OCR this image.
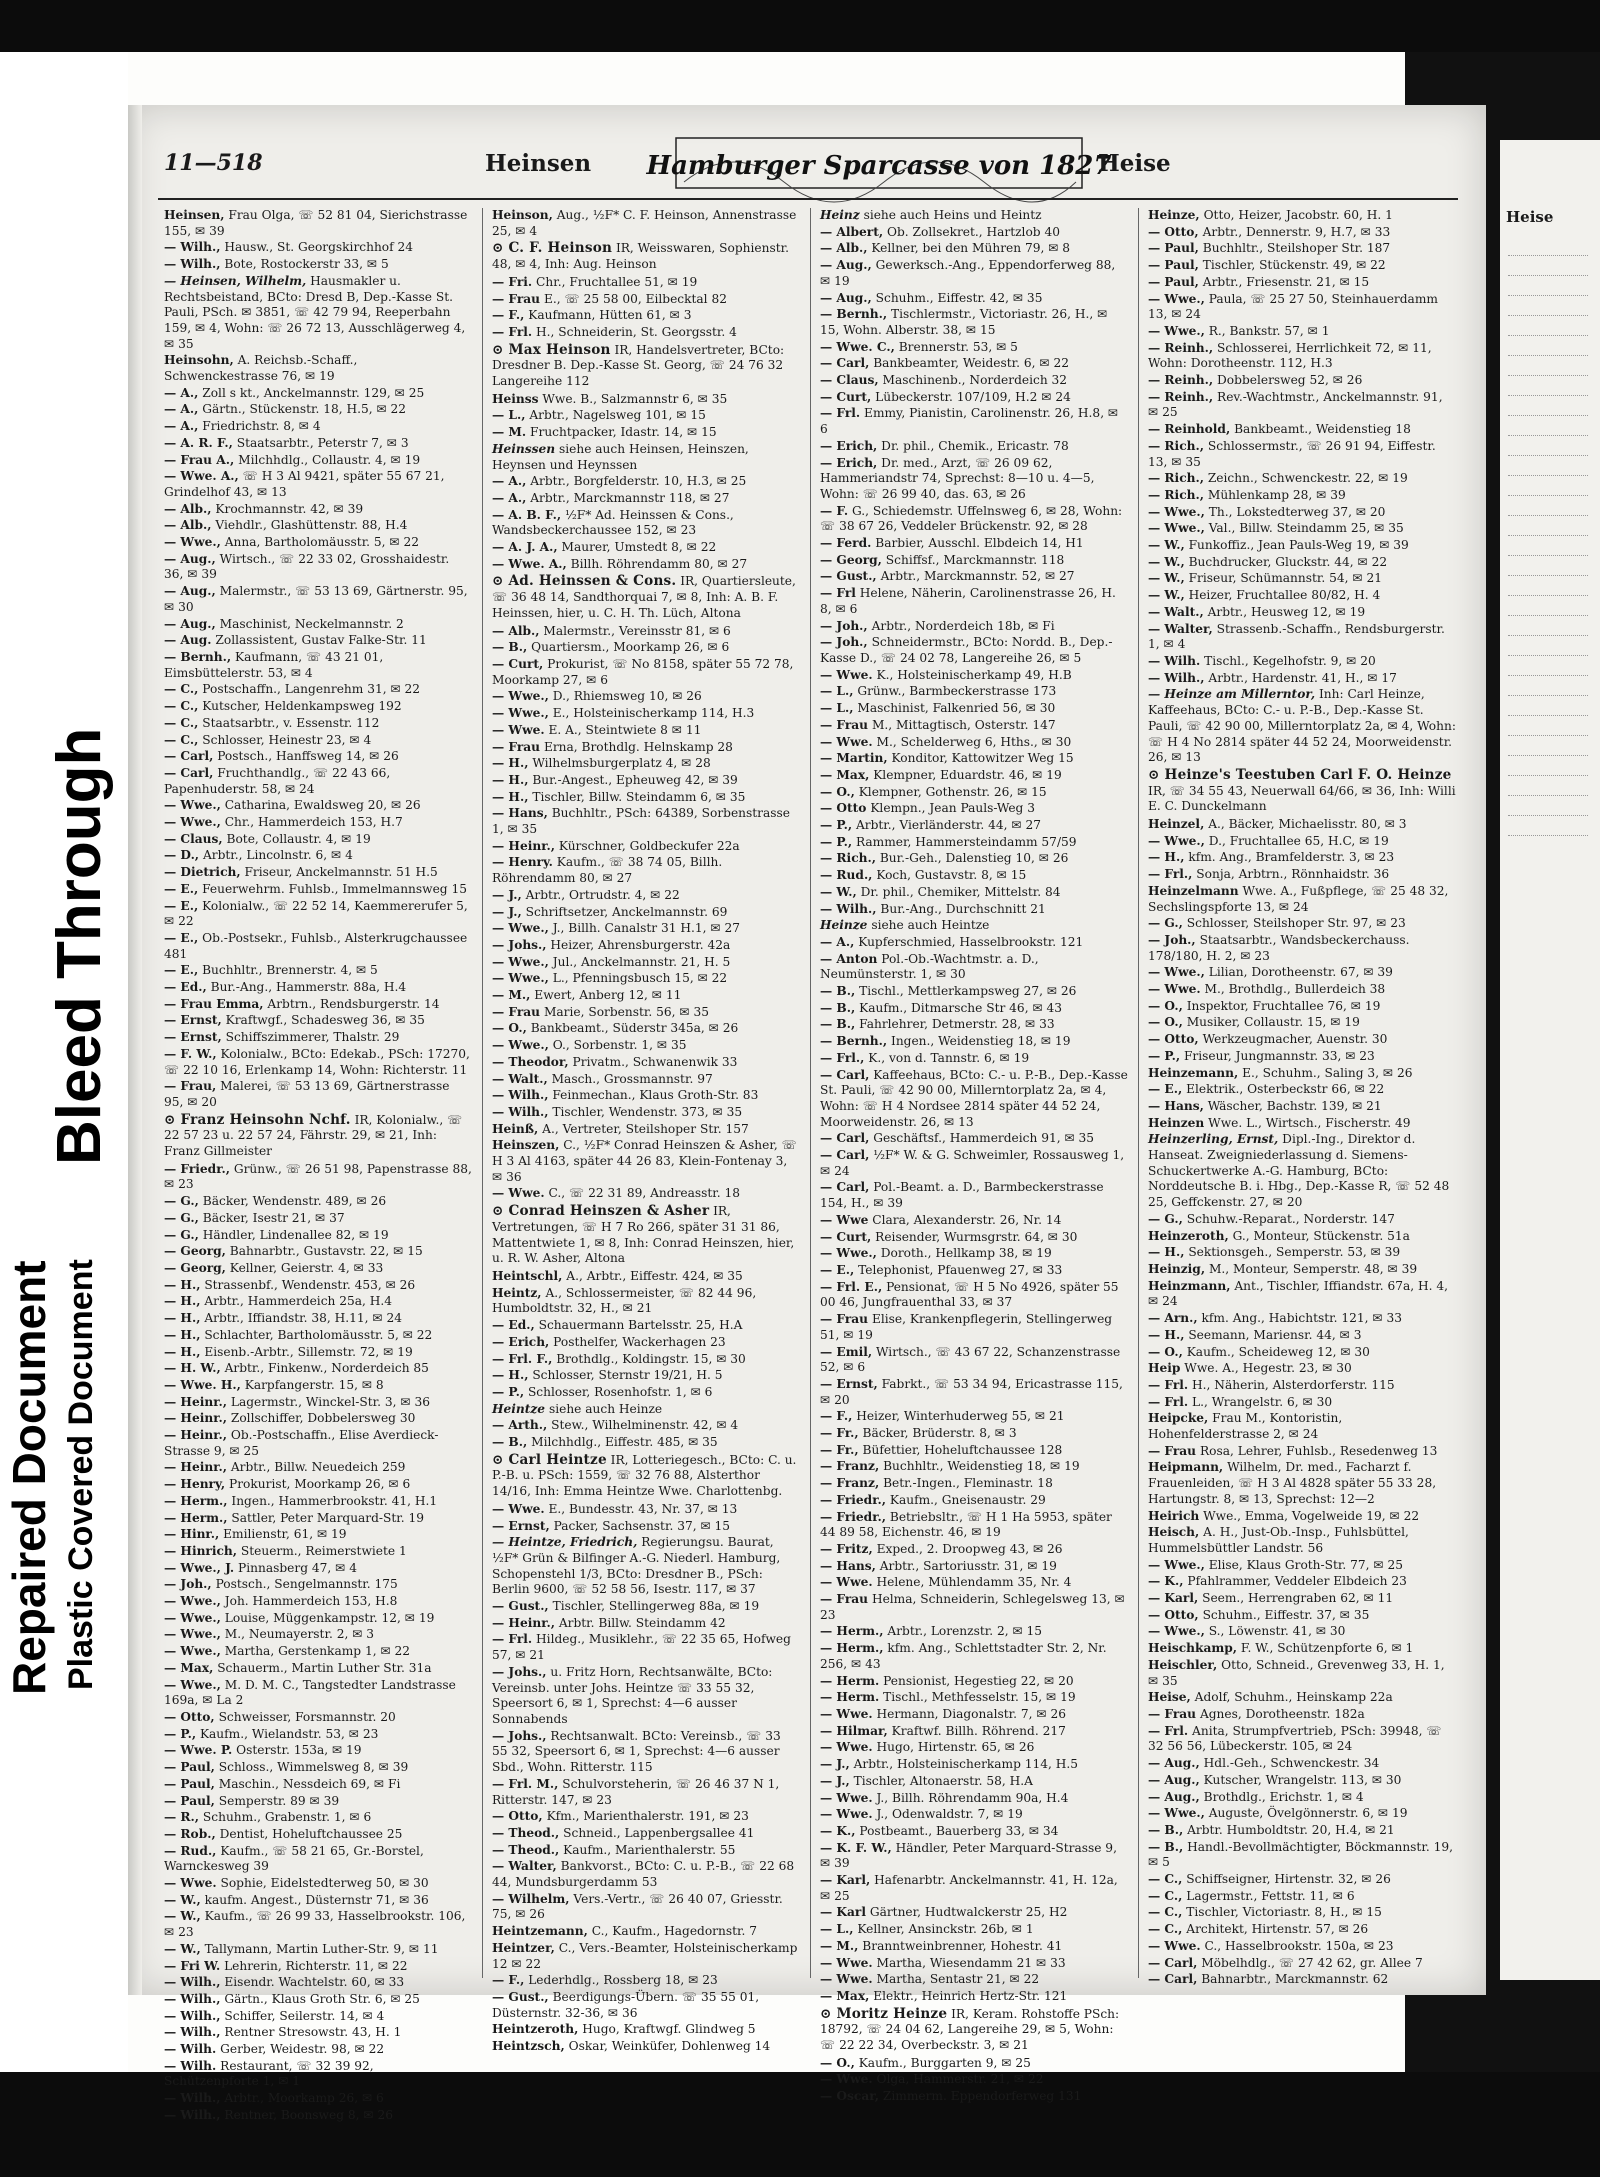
Heise
Repaired Document Plastic Covered Document
Bleed Through
11—518	Heinsen Hamburger Sparcasse von 1827
Heise
Heinsen, Frau Olga, ☏ 52 81 04, Sierichstrasse 155, ✉ 39
— Wilh., Hausw., St. Georgskirchhof 24
— Wilh., Bote, Rostockerstr 33, ✉ 5
— Heinsen, Wilhelm, Hausmakler u. Rechtsbeistand, BCto: Dresd B, Dep.-Kasse St. Pauli, PSch. ✉ 3851, ☏ 42 79 94, Reeperbahn 159, ✉ 4, Wohn: ☏ 26 72 13, Ausschlägerweg 4, ✉ 35
Heinsohn, A. Reichsb.-Schaff., Schwenckestrasse 76, ✉ 19
— A., Zoll s kt., Anckelmannstr. 129, ✉ 25
— A., Gärtn., Stückenstr. 18, H.5, ✉ 22
— A., Friedrichstr. 8, ✉ 4
— A. R. F., Staatsarbtr., Peterstr 7, ✉ 3
— Frau A., Milchhdlg., Collaustr. 4, ✉ 19
— Wwe. A., ☏ H 3 Al 9421, später 55 67 21, Grindelhof 43, ✉ 13
— Alb., Krochmannstr. 42, ✉ 39
— Alb., Viehdlr., Glashüttenstr. 88, H.4
— Wwe., Anna, Bartholomäusstr. 5, ✉ 22
— Aug., Wirtsch., ☏ 22 33 02, Grosshaidestr. 36, ✉ 39
— Aug., Malermstr., ☏ 53 13 69, Gärtnerstr. 95, ✉ 30
— Aug., Maschinist, Neckelmannstr. 2
— Aug. Zollassistent, Gustav Falke-Str. 11
— Bernh., Kaufmann, ☏ 43 21 01, Eimsbüttelerstr. 53, ✉ 4
— C., Postschaffn., Langenrehm 31, ✉ 22
— C., Kutscher, Heldenkampsweg 192
— C., Staatsarbtr., v. Essenstr. 112
— C., Schlosser, Heinestr 23, ✉ 4
— Carl, Postsch., Hanffsweg 14, ✉ 26
— Carl, Fruchthandlg., ☏ 22 43 66, Papenhuderstr. 58, ✉ 24
— Wwe., Catharina, Ewaldsweg 20, ✉ 26
— Wwe., Chr., Hammerdeich 153, H.7
— Claus, Bote, Collaustr. 4, ✉ 19
— D., Arbtr., Lincolnstr. 6, ✉ 4
— Dietrich, Friseur, Anckelmannstr. 51 H.5
— E., Feuerwehrm. Fuhlsb., Immelmannsweg 15
— E., Kolonialw., ☏ 22 52 14, Kaemmererufer 5, ✉ 22
— E., Ob.-Postsekr., Fuhlsb., Alsterkrugchaussee 481
— E., Buchhltr., Brennerstr. 4, ✉ 5
— Ed., Bur.-Ang., Hammerstr. 88a, H.4
— Frau Emma, Arbtrn., Rendsburgerstr. 14
— Ernst, Kraftwgf., Schadesweg 36, ✉ 35
— Ernst, Schiffszimmerer, Thalstr. 29
— F. W., Kolonialw., BCto: Edekab., PSch: 17270, ☏ 22 10 16, Erlenkamp 14, Wohn: Richterstr. 11
— Frau, Malerei, ☏ 53 13 69, Gärtnerstrasse 95, ✉ 20
⊙ Franz Heinsohn Nchf. IR, Kolonialw., ☏ 22 57 23 u. 22 57 24, Fährstr. 29, ✉ 21, Inh: Franz Gillmeister
— Friedr., Grünw., ☏ 26 51 98, Papenstrasse 88, ✉ 23
— G., Bäcker, Wendenstr. 489, ✉ 26
— G., Bäcker, Isestr 21, ✉ 37
— G., Händler, Lindenallee 82, ✉ 19
— Georg, Bahnarbtr., Gustavstr. 22, ✉ 15
— Georg, Kellner, Geierstr. 4, ✉ 33
— H., Strassenbf., Wendenstr. 453, ✉ 26
— H., Arbtr., Hammerdeich 25a, H.4
— H., Arbtr., Iffiandstr. 38, H.11, ✉ 24
— H., Schlachter, Bartholomäusstr. 5, ✉ 22
— H., Eisenb.-Arbtr., Sillemstr. 72, ✉ 19
— H. W., Arbtr., Finkenw., Norderdeich 85
— Wwe. H., Karpfangerstr. 15, ✉ 8
— Heinr., Lagermstr., Winckel-Str. 3, ✉ 36
— Heinr., Zollschiffer, Dobbelersweg 30
— Heinr., Ob.-Postschaffn., Elise Averdieck-Strasse 9, ✉ 25
— Heinr., Arbtr., Billw. Neuedeich 259
— Henry, Prokurist, Moorkamp 26, ✉ 6
— Herm., Ingen., Hammerbrookstr. 41, H.1
— Herm., Sattler, Peter Marquard-Str. 19
— Hinr., Emilienstr, 61, ✉ 19
— Hinrich, Steuerm., Reimerstwiete 1
— Wwe., J. Pinnasberg 47, ✉ 4
— Joh., Postsch., Sengelmannstr. 175
— Wwe., Joh. Hammerdeich 153, H.8
— Wwe., Louise, Müggenkampstr. 12, ✉ 19
— Wwe., M., Neumayerstr. 2, ✉ 3
— Wwe., Martha, Gerstenkamp 1, ✉ 22
— Max, Schauerm., Martin Luther Str. 31a
— Wwe., M. D. M. C., Tangstedter Landstrasse 169a, ✉ La 2
— Otto, Schweisser, Forsmannstr. 20
— P., Kaufm., Wielandstr. 53, ✉ 23
— Wwe. P. Osterstr. 153a, ✉ 19
— Paul, Schloss., Wimmelsweg 8, ✉ 39
— Paul, Maschin., Nessdeich 69, ✉ Fi
— Paul, Semperstr. 89 ✉ 39
— R., Schuhm., Grabenstr. 1, ✉ 6
— Rob., Dentist, Hoheluftchaussee 25
— Rud., Kaufm., ☏ 58 21 65, Gr.-Borstel, Warnckesweg 39
— Wwe. Sophie, Eidelstedterweg 50, ✉ 30
— W., kaufm. Angest., Düsternstr 71, ✉ 36
— W., Kaufm., ☏ 26 99 33, Hasselbrookstr. 106, ✉ 23
— W., Tallymann, Martin Luther-Str. 9, ✉ 11
— Fri W. Lehrerin, Richterstr. 11, ✉ 22
— Wilh., Eisendr. Wachtelstr. 60, ✉ 33
— Wilh., Gärtn., Klaus Groth Str. 6, ✉ 25
— Wilh., Schiffer, Seilerstr. 14, ✉ 4
— Wilh., Rentner Stresowstr. 43, H. 1
— Wilh. Gerber, Weidestr. 98, ✉ 22
— Wilh. Restaurant, ☏ 32 39 92, Schützenpforte 1, ✉ 1
— Wilh., Arbtr., Moorkamp 26, ✉ 6
— Wilh., Rentner, Boonsweg 8, ✉ 26
Heinson, Aug., ½F* C. F. Heinson, Annenstrasse 25, ✉ 4
⊙ C. F. Heinson IR, Weisswaren, Sophienstr. 48, ✉ 4, Inh: Aug. Heinson
— Fri. Chr., Fruchtallee 51, ✉ 19
— Frau E., ☏ 25 58 00, Eilbecktal 82
— F., Kaufmann, Hütten 61, ✉ 3
— Frl. H., Schneiderin, St. Georgsstr. 4
⊙ Max Heinson IR, Handelsvertreter, BCto: Dresdner B. Dep.-Kasse St. Georg, ☏ 24 76 32 Langereihe 112
Heinss Wwe. B., Salzmannstr 6, ✉ 35
— L., Arbtr., Nagelsweg 101, ✉ 15
— M. Fruchtpacker, Idastr. 14, ✉ 15
Heinssen siehe auch Heinsen, Heinszen, Heynsen und Heynssen
— A., Arbtr., Borgfelderstr. 10, H.3, ✉ 25
— A., Arbtr., Marckmannstr 118, ✉ 27
— A. B. F., ½F* Ad. Heinssen & Cons., Wandsbeckerchaussee 152, ✉ 23
— A. J. A., Maurer, Umstedt 8, ✉ 22
— Wwe. A., Billh. Röhrendamm 80, ✉ 27
⊙ Ad. Heinssen & Cons. IR, Quartiersleute, ☏ 36 48 14, Sandthorquai 7, ✉ 8, Inh: A. B. F. Heinssen, hier, u. C. H. Th. Lüch, Altona
— Alb., Malermstr., Vereinsstr 81, ✉ 6
— B., Quartiersm., Moorkamp 26, ✉ 6
— Curt, Prokurist, ☏ No 8158, später 55 72 78, Moorkamp 27, ✉ 6
— Wwe., D., Rhiemsweg 10, ✉ 26
— Wwe., E., Holsteinischerkamp 114, H.3
— Wwe. E. A., Steintwiete 8 ✉ 11
— Frau Erna, Brothdlg. Helnskamp 28
— H., Wilhelmsburgerplatz 4, ✉ 28
— H., Bur.-Angest., Epheuweg 42, ✉ 39
— H., Tischler, Billw. Steindamm 6, ✉ 35
— Hans, Buchhltr., PSch: 64389, Sorbenstrasse 1, ✉ 35
— Heinr., Kürschner, Goldbeckufer 22a
— Henry. Kaufm., ☏ 38 74 05, Billh. Röhrendamm 80, ✉ 27
— J., Arbtr., Ortrudstr. 4, ✉ 22
— J., Schriftsetzer, Anckelmannstr. 69
— Wwe., J., Billh. Canalstr 31 H.1, ✉ 27
— Johs., Heizer, Ahrensburgerstr. 42a
— Wwe., Jul., Anckelmannstr. 21, H. 5
— Wwe., L., Pfenningsbusch 15, ✉ 22
— M., Ewert, Anberg 12, ✉ 11
— Frau Marie, Sorbenstr. 56, ✉ 35
— O., Bankbeamt., Süderstr 345a, ✉ 26
— Wwe., O., Sorbenstr. 1, ✉ 35
— Theodor, Privatm., Schwanenwik 33
— Walt., Masch., Grossmannstr. 97
— Wilh., Feinmechan., Klaus Groth-Str. 83
— Wilh., Tischler, Wendenstr. 373, ✉ 35
Heinß, A., Vertreter, Steilshoper Str. 157
Heinszen, C., ½F* Conrad Heinszen & Asher, ☏ H 3 Al 4163, später 44 26 83, Klein-Fontenay 3, ✉ 36
— Wwe. C., ☏ 22 31 89, Andreasstr. 18
⊙ Conrad Heinszen & Asher IR, Vertretungen, ☏ H 7 Ro 266, später 31 31 86, Mattentwiete 1, ✉ 8, Inh: Conrad Heinszen, hier, u. R. W. Asher, Altona
Heintschl, A., Arbtr., Eiffestr. 424, ✉ 35
Heintz, A., Schlossermeister, ☏ 82 44 96, Humboldtstr. 32, H., ✉ 21
— Ed., Schauermann Bartelsstr. 25, H.A
— Erich, Posthelfer, Wackerhagen 23
— Frl. F., Brothdlg., Koldingstr. 15, ✉ 30
— H., Schlosser, Sternstr 19/21, H. 5
— P., Schlosser, Rosenhofstr. 1, ✉ 6
Heintze siehe auch Heinze
— Arth., Stew., Wilhelminenstr. 42, ✉ 4
— B., Milchhdlg., Eiffestr. 485, ✉ 35
⊙ Carl Heintze IR, Lotteriegesch., BCto: C. u. P.-B. u. PSch: 1559, ☏ 32 76 88, Alsterthor 14/16, Inh: Emma Heintze Wwe. Charlottenbg.
— Wwe. E., Bundesstr. 43, Nr. 37, ✉ 13
— Ernst, Packer, Sachsenstr. 37, ✉ 15
— Heintze, Friedrich, Regierungsu. Baurat, ½F* Grün & Bilfinger A.-G. Niederl. Hamburg, Schopenstehl 1/3, BCto: Dresdner B., PSch: Berlin 9600, ☏ 52 58 56, Isestr. 117, ✉ 37
— Gust., Tischler, Stellingerweg 88a, ✉ 19
— Heinr., Arbtr. Billw. Steindamm 42
— Frl. Hildeg., Musiklehr., ☏ 22 35 65, Hofweg 57, ✉ 21
— Johs., u. Fritz Horn, Rechtsanwälte, BCto: Vereinsb. unter Johs. Heintze ☏ 33 55 32, Speersort 6, ✉ 1, Sprechst: 4—6 ausser Sonnabends
— Johs., Rechtsanwalt. BCto: Vereinsb., ☏ 33 55 32, Speersort 6, ✉ 1, Sprechst: 4—6 ausser Sbd., Wohn. Ritterstr. 115
— Frl. M., Schulvorsteherin, ☏ 26 46 37 N 1, Ritterstr. 147, ✉ 23
— Otto, Kfm., Marienthalerstr. 191, ✉ 23
— Theod., Schneid., Lappenbergsallee 41
— Theod., Kaufm., Marienthalerstr. 55
— Walter, Bankvorst., BCto: C. u. P.-B., ☏ 22 68 44, Mundsburgerdamm 53
— Wilhelm, Vers.-Vertr., ☏ 26 40 07, Griesstr. 75, ✉ 26
Heintzemann, C., Kaufm., Hagedornstr. 7
Heintzer, C., Vers.-Beamter, Holsteinischerkamp 12 ✉ 22
— F., Lederhdlg., Rossberg 18, ✉ 23
— Gust., Beerdigungs-Übern. ☏ 35 55 01, Düsternstr. 32-36, ✉ 36
Heintzeroth, Hugo, Kraftwgf. Glindweg 5
Heintzsch, Oskar, Weinküfer, Dohlenweg 14
Heinz siehe auch Heins und Heintz
— Albert, Ob. Zollsekret., Hartzlob 40
— Alb., Kellner, bei den Mühren 79, ✉ 8
— Aug., Gewerksch.-Ang., Eppendorferweg 88, ✉ 19
— Aug., Schuhm., Eiffestr. 42, ✉ 35
— Bernh., Tischlermstr., Victoriastr. 26, H., ✉ 15, Wohn. Alberstr. 38, ✉ 15
— Wwe. C., Brennerstr. 53, ✉ 5
— Carl, Bankbeamter, Weidestr. 6, ✉ 22
— Claus, Maschinenb., Norderdeich 32
— Curt, Lübeckerstr. 107/109, H.2 ✉ 24
— Frl. Emmy, Pianistin, Carolinenstr. 26, H.8, ✉ 6
— Erich, Dr. phil., Chemik., Ericastr. 78
— Erich, Dr. med., Arzt, ☏ 26 09 62, Hammeriandstr 74, Sprechst: 8—10 u. 4—5, Wohn: ☏ 26 99 40, das. 63, ✉ 26
— F. G., Schiedemstr. Uffelnsweg 6, ✉ 28, Wohn: ☏ 38 67 26, Veddeler Brückenstr. 92, ✉ 28
— Ferd. Barbier, Ausschl. Elbdeich 14, H1
— Georg, Schiffsf., Marckmannstr. 118
— Gust., Arbtr., Marckmannstr. 52, ✉ 27
— Frl Helene, Näherin, Carolinenstrasse 26, H. 8, ✉ 6
— Joh., Arbtr., Norderdeich 18b, ✉ Fi
— Joh., Schneidermstr., BCto: Nordd. B., Dep.-Kasse D., ☏ 24 02 78, Langereihe 26, ✉ 5
— Wwe. K., Holsteinischerkamp 49, H.B
— L., Grünw., Barmbeckerstrasse 173
— L., Maschinist, Falkenried 56, ✉ 30
— Frau M., Mittagtisch, Osterstr. 147
— Wwe. M., Schelderweg 6, Hths., ✉ 30
— Martin, Konditor, Kattowitzer Weg 15
— Max, Klempner, Eduardstr. 46, ✉ 19
— O., Klempner, Gothenstr. 26, ✉ 15
— Otto Klempn., Jean Pauls-Weg 3
— P., Arbtr., Vierländerstr. 44, ✉ 27
— P., Rammer, Hammersteindamm 57/59
— Rich., Bur.-Geh., Dalenstieg 10, ✉ 26
— Rud., Koch, Gustavstr. 8, ✉ 15
— W., Dr. phil., Chemiker, Mittelstr. 84
— Wilh., Bur.-Ang., Durchschnitt 21
Heinze siehe auch Heintze
— A., Kupferschmied, Hasselbrookstr. 121
— Anton Pol.-Ob.-Wachtmstr. a. D., Neumünsterstr. 1, ✉ 30
— B., Tischl., Mettlerkampsweg 27, ✉ 26
— B., Kaufm., Ditmarsche Str 46, ✉ 43
— B., Fahrlehrer, Detmerstr. 28, ✉ 33
— Bernh., Ingen., Weidenstieg 18, ✉ 19
— Frl., K., von d. Tannstr. 6, ✉ 19
— Carl, Kaffeehaus, BCto: C.- u. P.-B., Dep.-Kasse St. Pauli, ☏ 42 90 00, Millerntorplatz 2a, ✉ 4, Wohn: ☏ H 4 Nordsee 2814 später 44 52 24, Moorweidenstr. 26, ✉ 13
— Carl, Geschäftsf., Hammerdeich 91, ✉ 35
— Carl, ½F* W. & G. Schweimler, Rossausweg 1, ✉ 24
— Carl, Pol.-Beamt. a. D., Barmbeckerstrasse 154, H., ✉ 39
— Wwe Clara, Alexanderstr. 26, Nr. 14
— Curt, Reisender, Wurmsgrstr. 64, ✉ 30
— Wwe., Doroth., Hellkamp 38, ✉ 19
— E., Telephonist, Pfauenweg 27, ✉ 33
— Frl. E., Pensionat, ☏ H 5 No 4926, später 55 00 46, Jungfrauenthal 33, ✉ 37
— Frau Elise, Krankenpflegerin, Stellingerweg 51, ✉ 19
— Emil, Wirtsch., ☏ 43 67 22, Schanzenstrasse 52, ✉ 6
— Ernst, Fabrkt., ☏ 53 34 94, Ericastrasse 115, ✉ 20
— F., Heizer, Winterhuderweg 55, ✉ 21
— Fr., Bäcker, Brüderstr. 8, ✉ 3
— Fr., Büfettier, Hoheluftchaussee 128
— Franz, Buchhltr., Weidenstieg 18, ✉ 19
— Franz, Betr.-Ingen., Fleminastr. 18
— Friedr., Kaufm., Gneisenaustr. 29
— Friedr., Betriebsltr., ☏ H 1 Ha 5953, später 44 89 58, Eichenstr. 46, ✉ 19
— Fritz, Exped., 2. Droopweg 43, ✉ 26
— Hans, Arbtr., Sartoriusstr. 31, ✉ 19
— Wwe. Helene, Mühlendamm 35, Nr. 4
— Frau Helma, Schneiderin, Schlegelsweg 13, ✉ 23
— Herm., Arbtr., Lorenzstr. 2, ✉ 15
— Herm., kfm. Ang., Schlettstadter Str. 2, Nr. 256, ✉ 43
— Herm. Pensionist, Hegestieg 22, ✉ 20
— Herm. Tischl., Methfesselstr. 15, ✉ 19
— Wwe. Hermann, Diagonalstr. 7, ✉ 26
— Hilmar, Kraftwf. Billh. Röhrend. 217
— Wwe. Hugo, Hirtenstr. 65, ✉ 26
— J., Arbtr., Holsteinischerkamp 114, H.5
— J., Tischler, Altonaerstr. 58, H.A
— Wwe. J., Billh. Röhrendamm 90a, H.4
— Wwe. J., Odenwaldstr. 7, ✉ 19
— K., Postbeamt., Bauerberg 33, ✉ 34
— K. F. W., Händler, Peter Marquard-Strasse 9, ✉ 39
— Karl, Hafenarbtr. Anckelmannstr. 41, H. 12a, ✉ 25
— Karl Gärtner, Hudtwalckerstr 25, H2
— L., Kellner, Ansinckstr. 26b, ✉ 1
— M., Branntweinbrenner, Hohestr. 41
— Wwe. Martha, Wiesendamm 21 ✉ 33
— Wwe. Martha, Sentastr 21, ✉ 22
— Max, Elektr., Heinrich Hertz-Str. 121
⊙ Moritz Heinze IR, Keram. Rohstoffe PSch: 18792, ☏ 24 04 62, Langereihe 29, ✉ 5, Wohn: ☏ 22 22 34, Overbeckstr. 3, ✉ 21
— O., Kaufm., Burggarten 9, ✉ 25
— Wwe. Olga, Hammerstr. 21, ✉ 22
— Oscar, Zimmerm. Eppendorferweg 131
Heinze, Otto, Heizer, Jacobstr. 60, H. 1
— Otto, Arbtr., Dennerstr. 9, H.7, ✉ 33
— Paul, Buchhltr., Steilshoper Str. 187
— Paul, Tischler, Stückenstr. 49, ✉ 22
— Paul, Arbtr., Friesenstr. 21, ✉ 15
— Wwe., Paula, ☏ 25 27 50, Steinhauerdamm 13, ✉ 24
— Wwe., R., Bankstr. 57, ✉ 1
— Reinh., Schlosserei, Herrlichkeit 72, ✉ 11, Wohn: Dorotheenstr. 112, H.3
— Reinh., Dobbelersweg 52, ✉ 26
— Reinh., Rev.-Wachtmstr., Anckelmannstr. 91, ✉ 25
— Reinhold, Bankbeamt., Weidenstieg 18
— Rich., Schlossermstr., ☏ 26 91 94, Eiffestr. 13, ✉ 35
— Rich., Zeichn., Schwenckestr. 22, ✉ 19
— Rich., Mühlenkamp 28, ✉ 39
— Wwe., Th., Lokstedterweg 37, ✉ 20
— Wwe., Val., Billw. Steindamm 25, ✉ 35
— W., Funkoffiz., Jean Pauls-Weg 19, ✉ 39
— W., Buchdrucker, Gluckstr. 44, ✉ 22
— W., Friseur, Schümannstr. 54, ✉ 21
— W., Heizer, Fruchtallee 80/82, H. 4
— Walt., Arbtr., Heusweg 12, ✉ 19
— Walter, Strassenb.-Schaffn., Rendsburgerstr. 1, ✉ 4
— Wilh. Tischl., Kegelhofstr. 9, ✉ 20
— Wilh., Arbtr., Hardenstr. 41, H., ✉ 17
— Heinze am Millerntor, Inh: Carl Heinze, Kaffeehaus, BCto: C.- u. P.-B., Dep.-Kasse St. Pauli, ☏ 42 90 00, Millerntorplatz 2a, ✉ 4, Wohn: ☏ H 4 No 2814 später 44 52 24, Moorweidenstr. 26, ✉ 13
⊙ Heinze's Teestuben Carl F. O. Heinze IR, ☏ 34 55 43, Neuerwall 64/66, ✉ 36, Inh: Willi E. C. Dunckelmann
Heinzel, A., Bäcker, Michaelisstr. 80, ✉ 3
— Wwe., D., Fruchtallee 65, H.C, ✉ 19
— H., kfm. Ang., Bramfelderstr. 3, ✉ 23
— Frl., Sonja, Arbtrn., Rönnhaidstr. 36
Heinzelmann Wwe. A., Fußpflege, ☏ 25 48 32, Sechslingspforte 13, ✉ 24
— G., Schlosser, Steilshoper Str. 97, ✉ 23
— Joh., Staatsarbtr., Wandsbeckerchauss. 178/180, H. 2, ✉ 23
— Wwe., Lilian, Dorotheenstr. 67, ✉ 39
— Wwe. M., Brothdlg., Bullerdeich 38
— O., Inspektor, Fruchtallee 76, ✉ 19
— O., Musiker, Collaustr. 15, ✉ 19
— Otto, Werkzeugmacher, Auenstr. 30
— P., Friseur, Jungmannstr. 33, ✉ 23
Heinzemann, E., Schuhm., Saling 3, ✉ 26
— E., Elektrik., Osterbeckstr 66, ✉ 22
— Hans, Wäscher, Bachstr. 139, ✉ 21
Heinzen Wwe. L., Wirtsch., Fischerstr. 49
Heinzerling, Ernst, Dipl.-Ing., Direktor d. Hanseat. Zweigniederlassung d. Siemens-Schuckertwerke A.-G. Hamburg, BCto: Norddeutsche B. i. Hbg., Dep.-Kasse R, ☏ 52 48 25, Geffckenstr. 27, ✉ 20
— G., Schuhw.-Reparat., Norderstr. 147
Heinzeroth, G., Monteur, Stückenstr. 51a
— H., Sektionsgeh., Semperstr. 53, ✉ 39
Heinzig, M., Monteur, Semperstr. 48, ✉ 39
Heinzmann, Ant., Tischler, Iffiandstr. 67a, H. 4, ✉ 24
— Arn., kfm. Ang., Habichtstr. 121, ✉ 33
— H., Seemann, Mariensr. 44, ✉ 3
— O., Kaufm., Scheideweg 12, ✉ 30
Heip Wwe. A., Hegestr. 23, ✉ 30
— Frl. H., Näherin, Alsterdorferstr. 115
— Frl. L., Wrangelstr. 6, ✉ 30
Heipcke, Frau M., Kontoristin, Hohenfelderstrasse 2, ✉ 24
— Frau Rosa, Lehrer, Fuhlsb., Resedenweg 13
Heipmann, Wilhelm, Dr. med., Facharzt f. Frauenleiden, ☏ H 3 Al 4828 später 55 33 28, Hartungstr. 8, ✉ 13, Sprechst: 12—2
Heirich Wwe., Emma, Vogelweide 19, ✉ 22
Heisch, A. H., Just-Ob.-Insp., Fuhlsbüttel, Hummelsbüttler Landstr. 56
— Wwe., Elise, Klaus Groth-Str. 77, ✉ 25
— K., Pfahlrammer, Veddeler Elbdeich 23
— Karl, Seem., Herrengraben 62, ✉ 11
— Otto, Schuhm., Eiffestr. 37, ✉ 35
— Wwe., S., Löwenstr. 41, ✉ 30
Heischkamp, F. W., Schützenpforte 6, ✉ 1
Heischler, Otto, Schneid., Grevenweg 33, H. 1, ✉ 35
Heise, Adolf, Schuhm., Heinskamp 22a
— Frau Agnes, Dorotheenstr. 182a
— Frl. Anita, Strumpfvertrieb, PSch: 39948, ☏ 32 56 56, Lübeckerstr. 105, ✉ 24
— Aug., Hdl.-Geh., Schwenckestr. 34
— Aug., Kutscher, Wrangelstr. 113, ✉ 30
— Aug., Brothdlg., Erichstr. 1, ✉ 4
— Wwe., Auguste, Övelgönnerstr. 6, ✉ 19
— B., Arbtr. Humboldtstr. 20, H.4, ✉ 21
— B., Handl.-Bevollmächtigter, Böckmannstr. 19, ✉ 5
— C., Schiffseigner, Hirtenstr. 32, ✉ 26
— C., Lagermstr., Fettstr. 11, ✉ 6
— C., Tischler, Victoriastr. 8, H., ✉ 15
— C., Architekt, Hirtenstr. 57, ✉ 26
— Wwe. C., Hasselbrookstr. 150a, ✉ 23
— Carl, Möbelhdlg., ☏ 27 42 62, gr. Allee 7
— Carl, Bahnarbtr., Marckmannstr. 62
